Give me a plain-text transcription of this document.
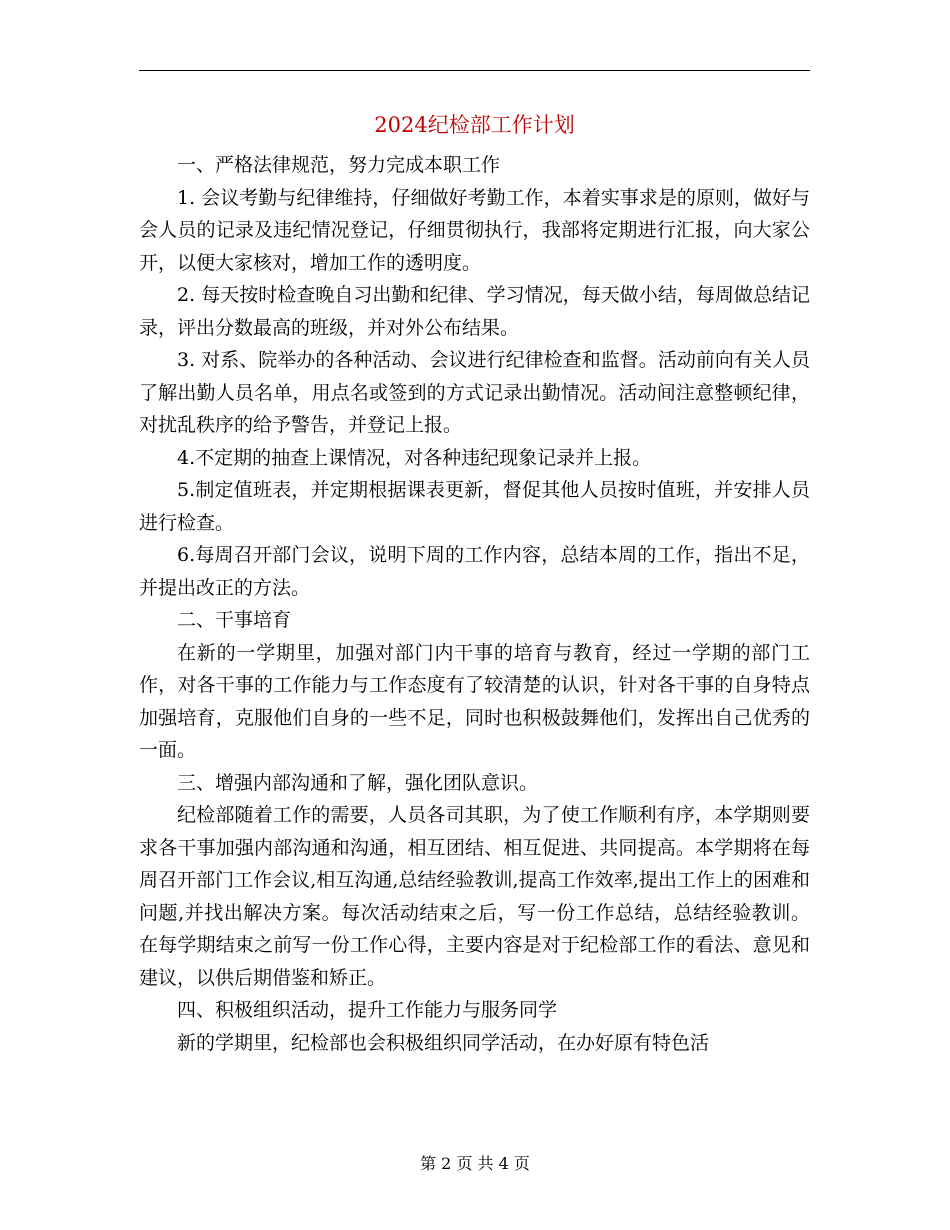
2024纪检部工作计划

一、严格法律规范，努力完成本职工作

1. 会议考勤与纪律维持，仔细做好考勤工作，本着实事求是的原则，做好与会人员的记录及违纪情况登记，仔细贯彻执行，我部将定期进行汇报，向大家公开，以便大家核对，增加工作的透明度。

2. 每天按时检查晚自习出勤和纪律、学习情况，每天做小结，每周做总结记录，评出分数最高的班级，并对外公布结果。

3. 对系、院举办的各种活动、会议进行纪律检查和监督。活动前向有关人员了解出勤人员名单，用点名或签到的方式记录出勤情况。活动间注意整顿纪律，对扰乱秩序的给予警告，并登记上报。

4.不定期的抽查上课情况，对各种违纪现象记录并上报。

5.制定值班表，并定期根据课表更新，督促其他人员按时值班，并安排人员进行检查。

6.每周召开部门会议，说明下周的工作内容，总结本周的工作，指出不足，并提出改正的方法。

二、干事培育

在新的一学期里，加强对部门内干事的培育与教育，经过一学期的部门工作，对各干事的工作能力与工作态度有了较清楚的认识，针对各干事的自身特点加强培育，克服他们自身的一些不足，同时也积极鼓舞他们，发挥出自己优秀的一面。

三、增强内部沟通和了解，强化团队意识。

纪检部随着工作的需要，人员各司其职，为了使工作顺利有序，本学期则要求各干事加强内部沟通和沟通，相互团结、相互促进、共同提高。本学期将在每周召开部门工作会议,相互沟通,总结经验教训,提高工作效率,提出工作上的困难和问题,并找出解决方案。每次活动结束之后，写一份工作总结，总结经验教训。在每学期结束之前写一份工作心得，主要内容是对于纪检部工作的看法、意见和建议，以供后期借鉴和矫正。

四、积极组织活动，提升工作能力与服务同学

新的学期里，纪检部也会积极组织同学活动，在办好原有特色活

第 2 页 共 4 页
